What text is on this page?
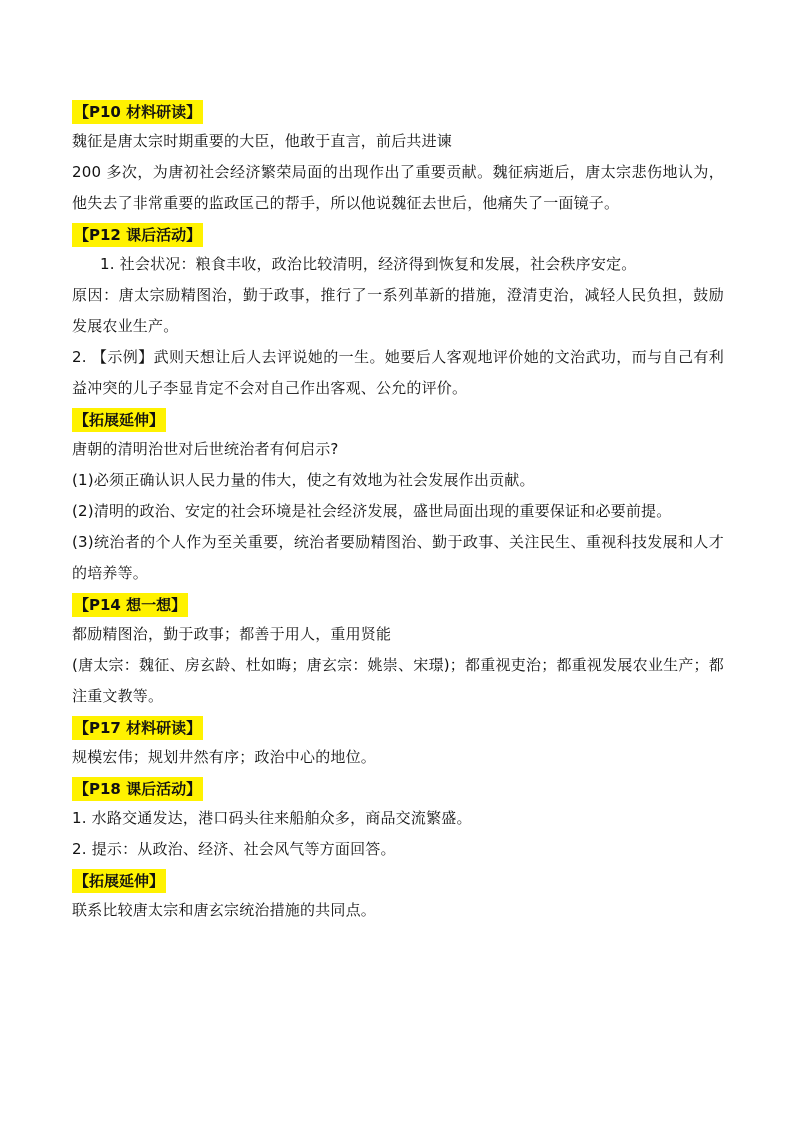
【P10 材料研读】

魏征是唐太宗时期重要的大臣，他敢于直言，前后共进谏

200 多次，为唐初社会经济繁荣局面的出现作出了重要贡献。魏征病逝后，唐太宗悲伤地认为，他失去了非常重要的监政匡己的帮手，所以他说魏征去世后，他痛失了一面镜子。

【P12 课后活动】

1. 社会状况：粮食丰收，政治比较清明，经济得到恢复和发展，社会秩序安定。

原因：唐太宗励精图治，勤于政事，推行了一系列革新的措施，澄清吏治，减轻人民负担，鼓励发展农业生产。

2. 【示例】武则天想让后人去评说她的一生。她要后人客观地评价她的文治武功，而与自己有利益冲突的儿子李显肯定不会对自己作出客观、公允的评价。

【拓展延伸】

唐朝的清明治世对后世统治者有何启示?

(1)必须正确认识人民力量的伟大，使之有效地为社会发展作出贡献。

(2)清明的政治、安定的社会环境是社会经济发展，盛世局面出现的重要保证和必要前提。

(3)统治者的个人作为至关重要，统治者要励精图治、勤于政事、关注民生、重视科技发展和人才的培养等。

【P14 想一想】

都励精图治，勤于政事；都善于用人，重用贤能

(唐太宗：魏征、房玄龄、杜如晦；唐玄宗：姚崇、宋璟)；都重视吏治；都重视发展农业生产；都注重文教等。

【P17 材料研读】

规模宏伟；规划井然有序；政治中心的地位。

【P18 课后活动】

1. 水路交通发达，港口码头往来船舶众多，商品交流繁盛。

2. 提示：从政治、经济、社会风气等方面回答。

【拓展延伸】

联系比较唐太宗和唐玄宗统治措施的共同点。
